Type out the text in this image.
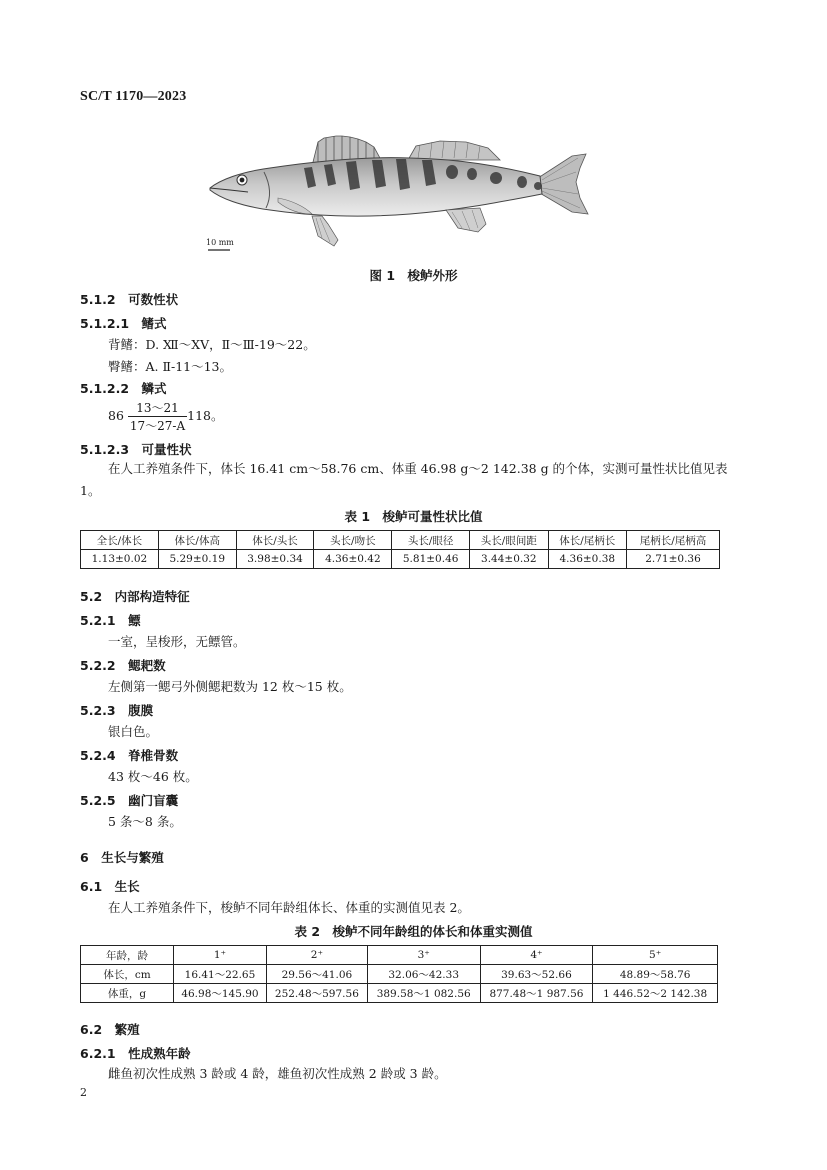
SC/T 1170—2023
10 mm
图 1　梭鲈外形
5.1.2　可数性状
5.1.2.1　鳍式
背鳍：D. Ⅻ～ⅩⅤ，Ⅱ～Ⅲ-19～22。
臀鳍：A. Ⅱ-11～13。
5.1.2.2　鳞式
$86 \frac{13\sim 21}{17\sim 27-A} 118$。
5.1.2.3　可量性状
在人工养殖条件下，体长 16.41 cm～58.76 cm、体重 46.98 g～2 142.38 g 的个体，实测可量性状比值见表 1。
表 1　梭鲈可量性状比值
全长/体长	体长/体高	体长/头长	头长/吻长	头长/眼径	头长/眼间距	体长/尾柄长	尾柄长/尾柄高
1.13±0.02	5.29±0.19	3.98±0.34	4.36±0.42	5.81±0.46	3.44±0.32	4.36±0.38	2.71±0.36
5.2　内部构造特征
5.2.1　鳔
一室，呈梭形，无鳔管。
5.2.2　鳃耙数
左侧第一鳃弓外侧鳃耙数为 12 枚～15 枚。
5.2.3　腹膜
银白色。
5.2.4　脊椎骨数
43 枚～46 枚。
5.2.5　幽门盲囊
5 条～8 条。
6　生长与繁殖
6.1　生长
在人工养殖条件下，梭鲈不同年龄组体长、体重的实测值见表 2。
表 2　梭鲈不同年龄组的体长和体重实测值
年龄，龄	1⁺	2⁺	3⁺	4⁺	5⁺
体长，cm	16.41～22.65	29.56～41.06	32.06～42.33	39.63～52.66	48.89～58.76
体重，g	46.98～145.90	252.48～597.56	389.58～1 082.56	877.48～1 987.56	1 446.52～2 142.38
6.2　繁殖
6.2.1　性成熟年龄
雌鱼初次性成熟 3 龄或 4 龄，雄鱼初次性成熟 2 龄或 3 龄。
2
